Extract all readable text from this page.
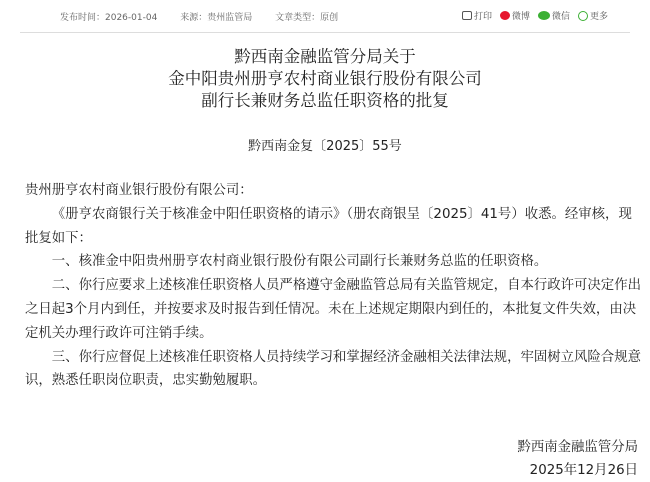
发布时间：2026-01-04	来源：贵州监管局	文章类型：原创	打印 微博 微信 更多
黔西南金融监管分局关于
金中阳贵州册亨农村商业银行股份有限公司
副行长兼财务总监任职资格的批复
黔西南金复〔2025〕55号

贵州册亨农村商业银行股份有限公司：

《册亨农商银行关于核准金中阳任职资格的请示》（册农商银呈〔2025〕41号）收悉。经审核，现批复如下：

一、核准金中阳贵州册亨农村商业银行股份有限公司副行长兼财务总监的任职资格。

二、你行应要求上述核准任职资格人员严格遵守金融监管总局有关监管规定，自本行政许可决定作出之日起3个月内到任，并按要求及时报告到任情况。未在上述规定期限内到任的，本批复文件失效，由决定机关办理行政许可注销手续。

三、你行应督促上述核准任职资格人员持续学习和掌握经济金融相关法律法规，牢固树立风险合规意识，熟悉任职岗位职责，忠实勤勉履职。

黔西南金融监管分局
2025年12月26日
